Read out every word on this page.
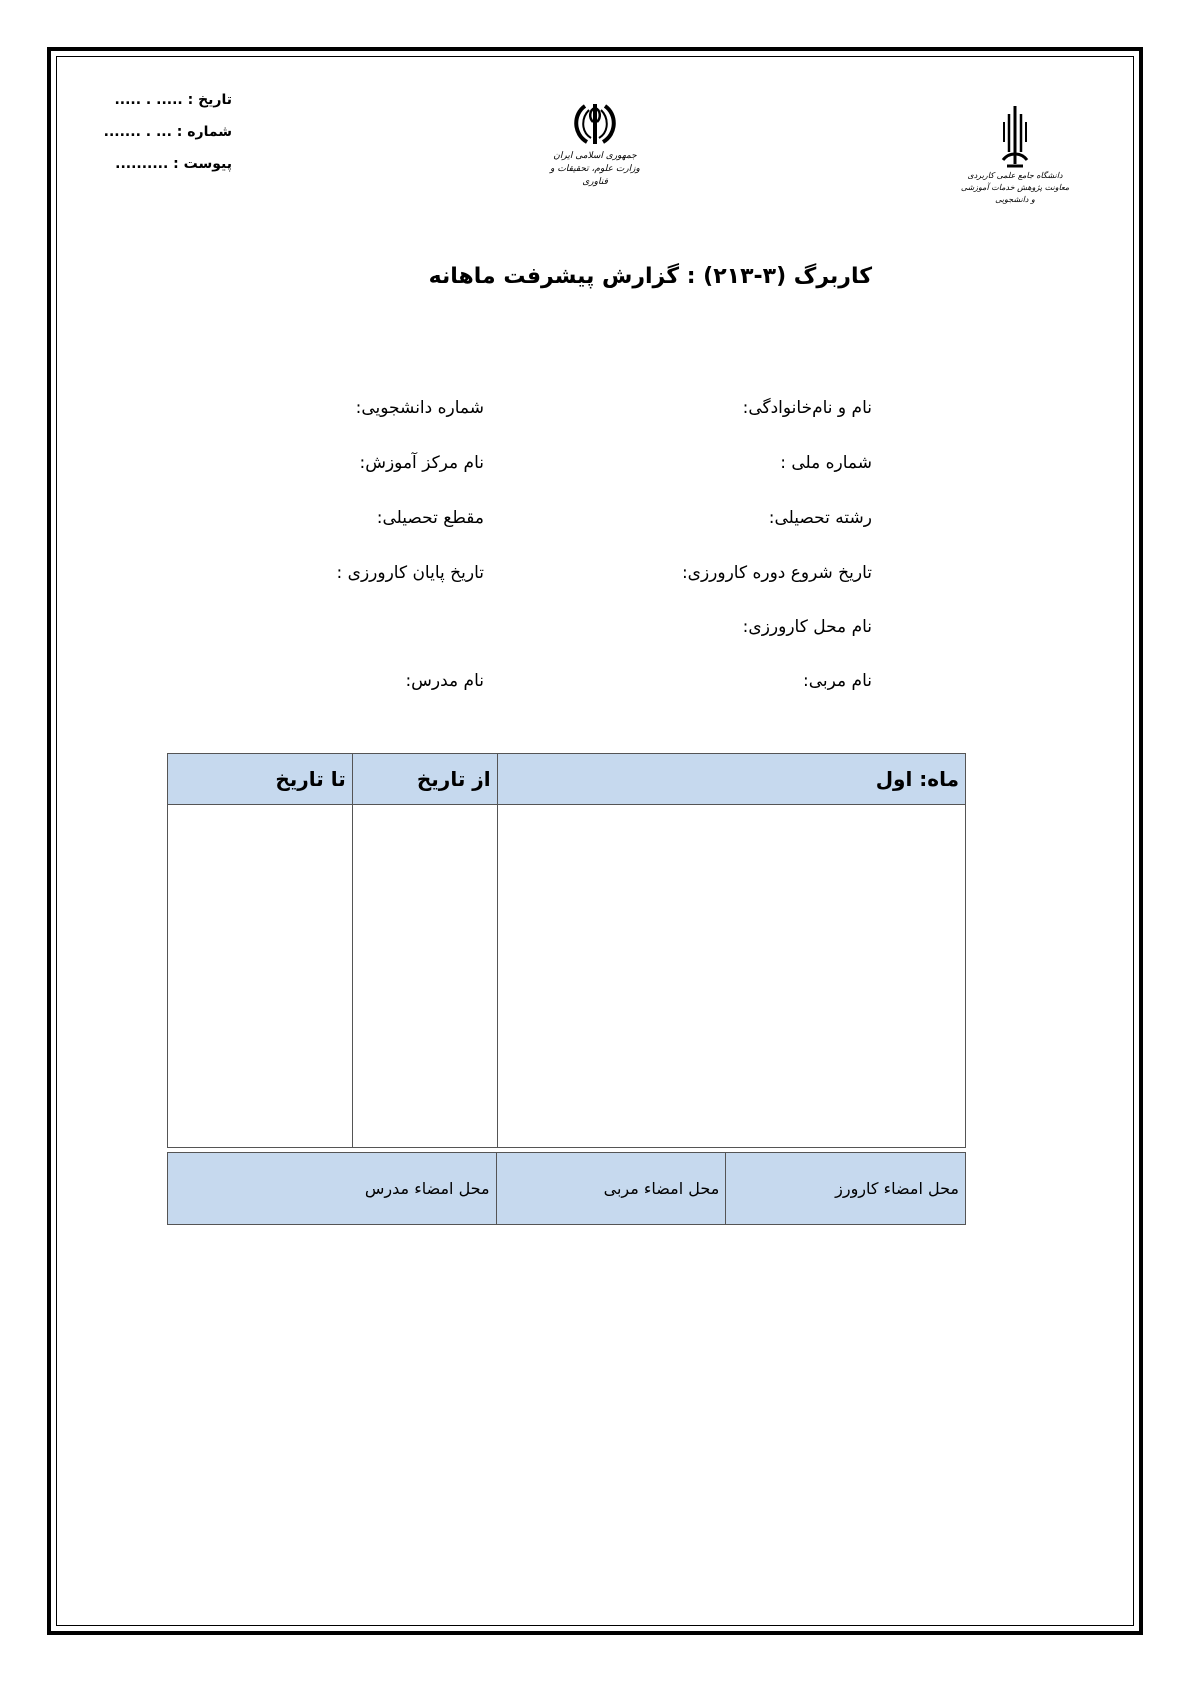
تاریخ : ..... . .....
شماره : ... . .......
پیوست : ..........	جمهوری اسلامی ایران
وزارت علوم، تحقیقات و فناوری
دانشگاه جامع علمی کاربردی
معاونت پژوهش خدمات آموزشی و دانشجویی
کاربرگ (۳-۲۱۳) : گزارش پیشرفت ماهانه
نام و نام‌خانوادگی:
شماره دانشجویی:
شماره ملی :
نام مرکز آموزش:
رشته تحصیلی:
مقطع تحصیلی:
تاریخ شروع دوره کارورزی:
تاریخ پایان کارورزی :
نام محل کارورزی:
نام مربی:
نام مدرس:
ماه: اول	از تاریخ	تا تاریخ

محل امضاء کارورز	محل امضاء مربی	محل امضاء مدرس
